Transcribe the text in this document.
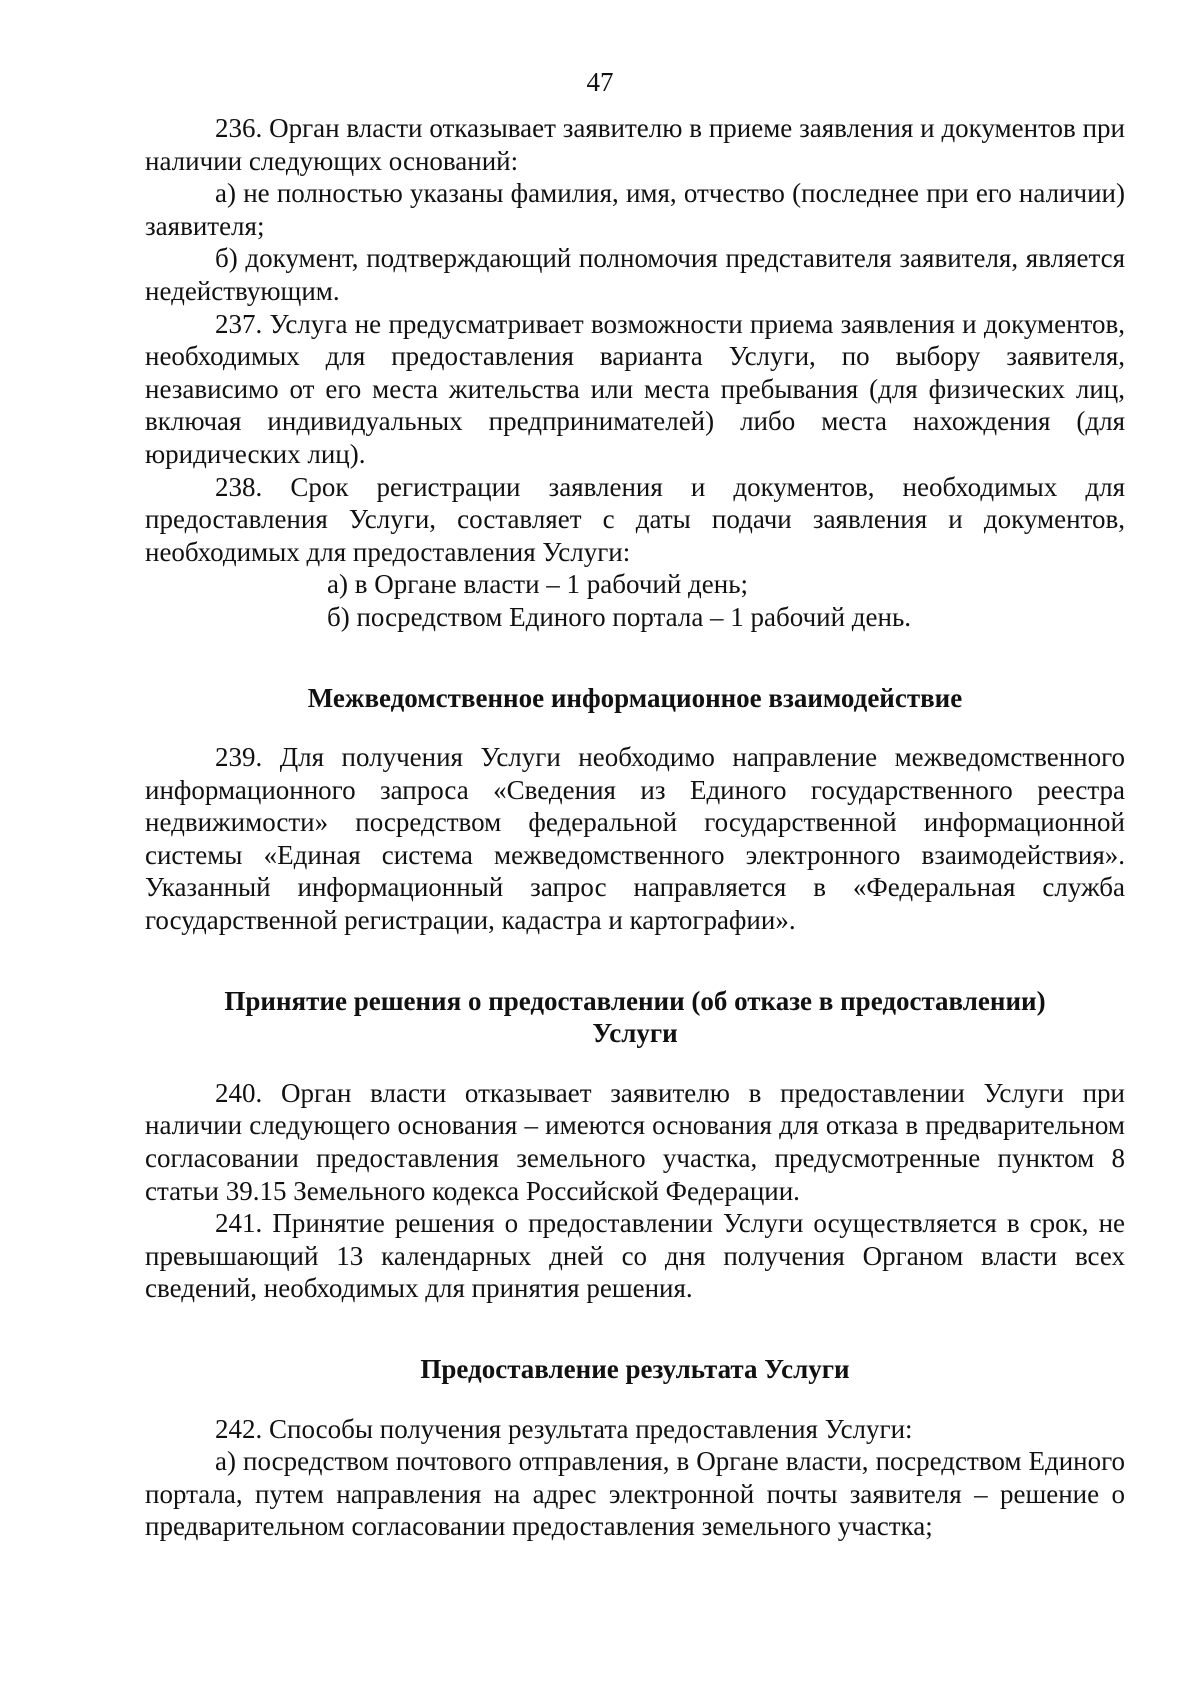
47

236. Орган власти отказывает заявителю в приеме заявления и документов при наличии следующих оснований:

а) не полностью указаны фамилия, имя, отчество (последнее при его наличии) заявителя;

б) документ, подтверждающий полномочия представителя заявителя, является недействующим.

237. Услуга не предусматривает возможности приема заявления и документов, необходимых для предоставления варианта Услуги, по выбору заявителя, независимо от его места жительства или места пребывания (для физических лиц, включая индивидуальных предпринимателей) либо места нахождения (для юридических лиц).

238. Срок регистрации заявления и документов, необходимых для предоставления Услуги, составляет с даты подачи заявления и документов, необходимых для предоставления Услуги:

а) в Органе власти – 1 рабочий день;

б) посредством Единого портала – 1 рабочий день.

Межведомственное информационное взаимодействие

239. Для получения Услуги необходимо направление межведомственного информационного запроса «Сведения из Единого государственного реестра недвижимости» посредством федеральной государственной информационной системы «Единая система межведомственного электронного взаимодействия». Указанный информационный запрос направляется в «Федеральная служба государственной регистрации, кадастра и картографии».

Принятие решения о предоставлении (об отказе в предоставлении)

Услуги

240. Орган власти отказывает заявителю в предоставлении Услуги при наличии следующего основания – имеются основания для отказа в предварительном согласовании предоставления земельного участка, предусмотренные пунктом 8 статьи 39.15 Земельного кодекса Российской Федерации.

241. Принятие решения о предоставлении Услуги осуществляется в срок, не превышающий 13 календарных дней со дня получения Органом власти всех сведений, необходимых для принятия решения.

Предоставление результата Услуги

242. Способы получения результата предоставления Услуги:

а) посредством почтового отправления, в Органе власти, посредством Единого портала, путем направления на адрес электронной почты заявителя – решение о предварительном согласовании предоставления земельного участка;
